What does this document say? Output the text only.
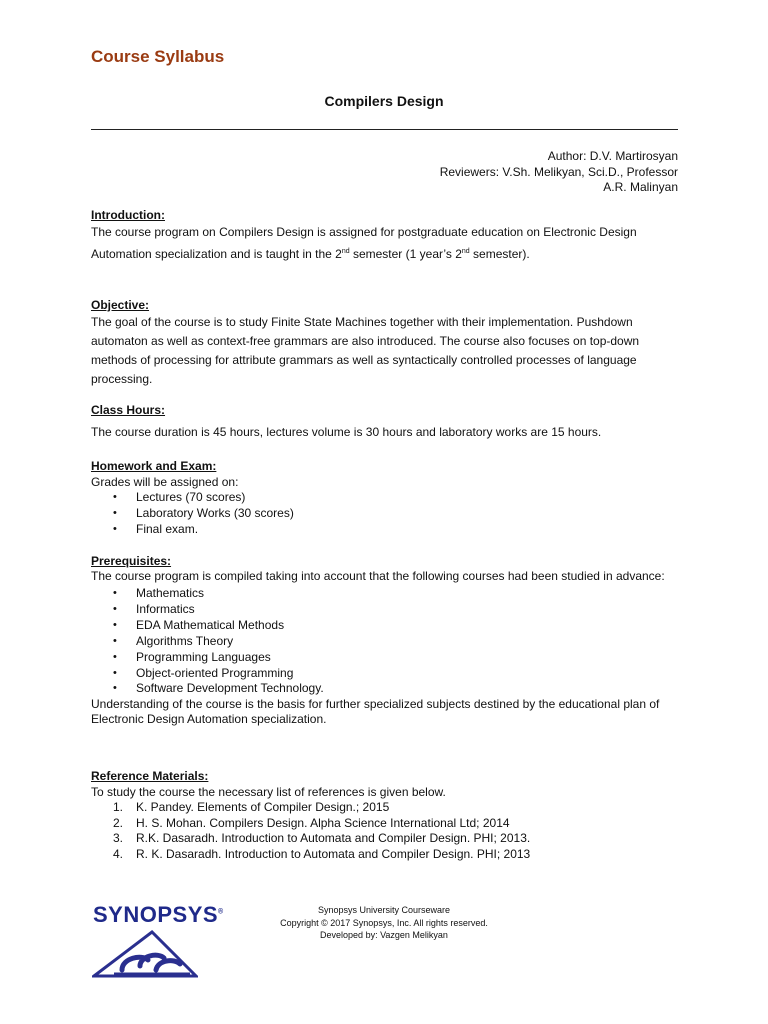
Course Syllabus
Compilers Design
Author: D.V. Martirosyan
Reviewers: V.Sh. Melikyan, Sci.D., Professor
A.R. Malinyan
Introduction:

The course program on Compilers Design is assigned for postgraduate education on Electronic Design Automation specialization and is taught in the 2nd semester (1 year’s 2nd semester).

Objective:

The goal of the course is to study Finite State Machines together with their implementation. Pushdown automaton as well as context-free grammars are also introduced. The course also focuses on top-down methods of processing for attribute grammars as well as syntactically controlled processes of language processing.

Class Hours:

The course duration is 45 hours, lectures volume is 30 hours and laboratory works are 15 hours.

Homework and Exam:
Grades will be assigned on:
• Lectures (70 scores)
• Laboratory Works (30 scores)
• Final exam.
Prerequisites:
The course program is compiled taking into account that the following courses had been studied in advance:
• Mathematics
• Informatics
• EDA Mathematical Methods
• Algorithms Theory
• Programming Languages
• Object-oriented Programming
• Software Development Technology.
Understanding of the course is the basis for further specialized subjects destined by the educational plan of Electronic Design Automation specialization.
Reference Materials:
To study the course the necessary list of references is given below.
1. K. Pandey. Elements of Compiler Design.; 2015
2. H. S. Mohan. Compilers Design. Alpha Science International Ltd; 2014
3. R.K. Dasaradh. Introduction to Automata and Compiler Design. PHI; 2013.
4. R. K. Dasaradh. Introduction to Automata and Compiler Design. PHI; 2013
SYNOPSYS®	Synopsys University Courseware
Copyright © 2017 Synopsys, Inc. All rights reserved.
Developed by: Vazgen Melikyan
